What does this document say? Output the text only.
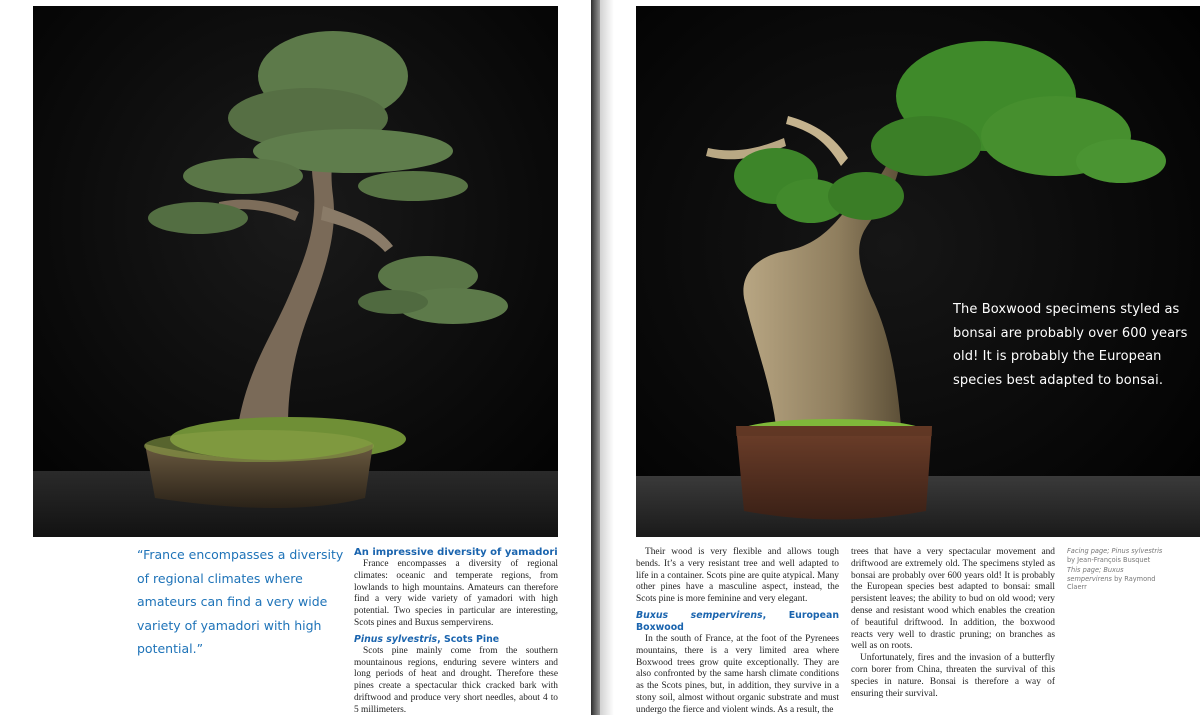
“France encompasses a diversity of regional climates where amateurs can find a very wide variety of yamadori with high potential.”
An impressive diversity of yamadori

France encompasses a diversity of regional climates: oceanic and temperate regions, from lowlands to high mountains. Amateurs can therefore find a very wide variety of yamadori with high potential. Two species in particular are interesting, Scots pines and Buxus sempervirens.

Pinus sylvestris, Scots Pine

Scots pine mainly come from the southern mountainous regions, enduring severe winters and long periods of heat and drought. Therefore these pines create a spectacular thick cracked bark with driftwood and produce very short needles, about 4 to 5 millimeters.

The Boxwood specimens styled as bonsai are probably over 600 years old! It is probably the European species best adapted to bonsai.

Their wood is very flexible and allows tough bends. It’s a very resistant tree and well adapted to life in a container. Scots pine are quite atypical. Many other pines have a masculine aspect, instead, the Scots pine is more feminine and very elegant.

Buxus sempervirens, European Boxwood

In the south of France, at the foot of the Pyrenees mountains, there is a very limited area where Boxwood trees grow quite exceptionally. They are also confronted by the same harsh climate conditions as the Scots pines, but, in addition, they survive in a stony soil, almost without organic substrate and must undergo the fierce and violent winds. As a result, the

trees that have a very spectacular movement and driftwood are extremely old. The specimens styled as bonsai are probably over 600 years old! It is probably the European species best adapted to bonsai: small persistent leaves; the ability to bud on old wood; very dense and resistant wood which enables the creation of beautiful driftwood. In addition, the boxwood reacts very well to drastic pruning; on branches as well as on roots.

Unfortunately, fires and the invasion of a butterfly corn borer from China, threaten the survival of this species in nature. Bonsai is therefore a way of ensuring their survival.

Facing page; Pinus sylvestris by Jean-François Busquet

This page; Buxus sempervirens by Raymond Claerr
